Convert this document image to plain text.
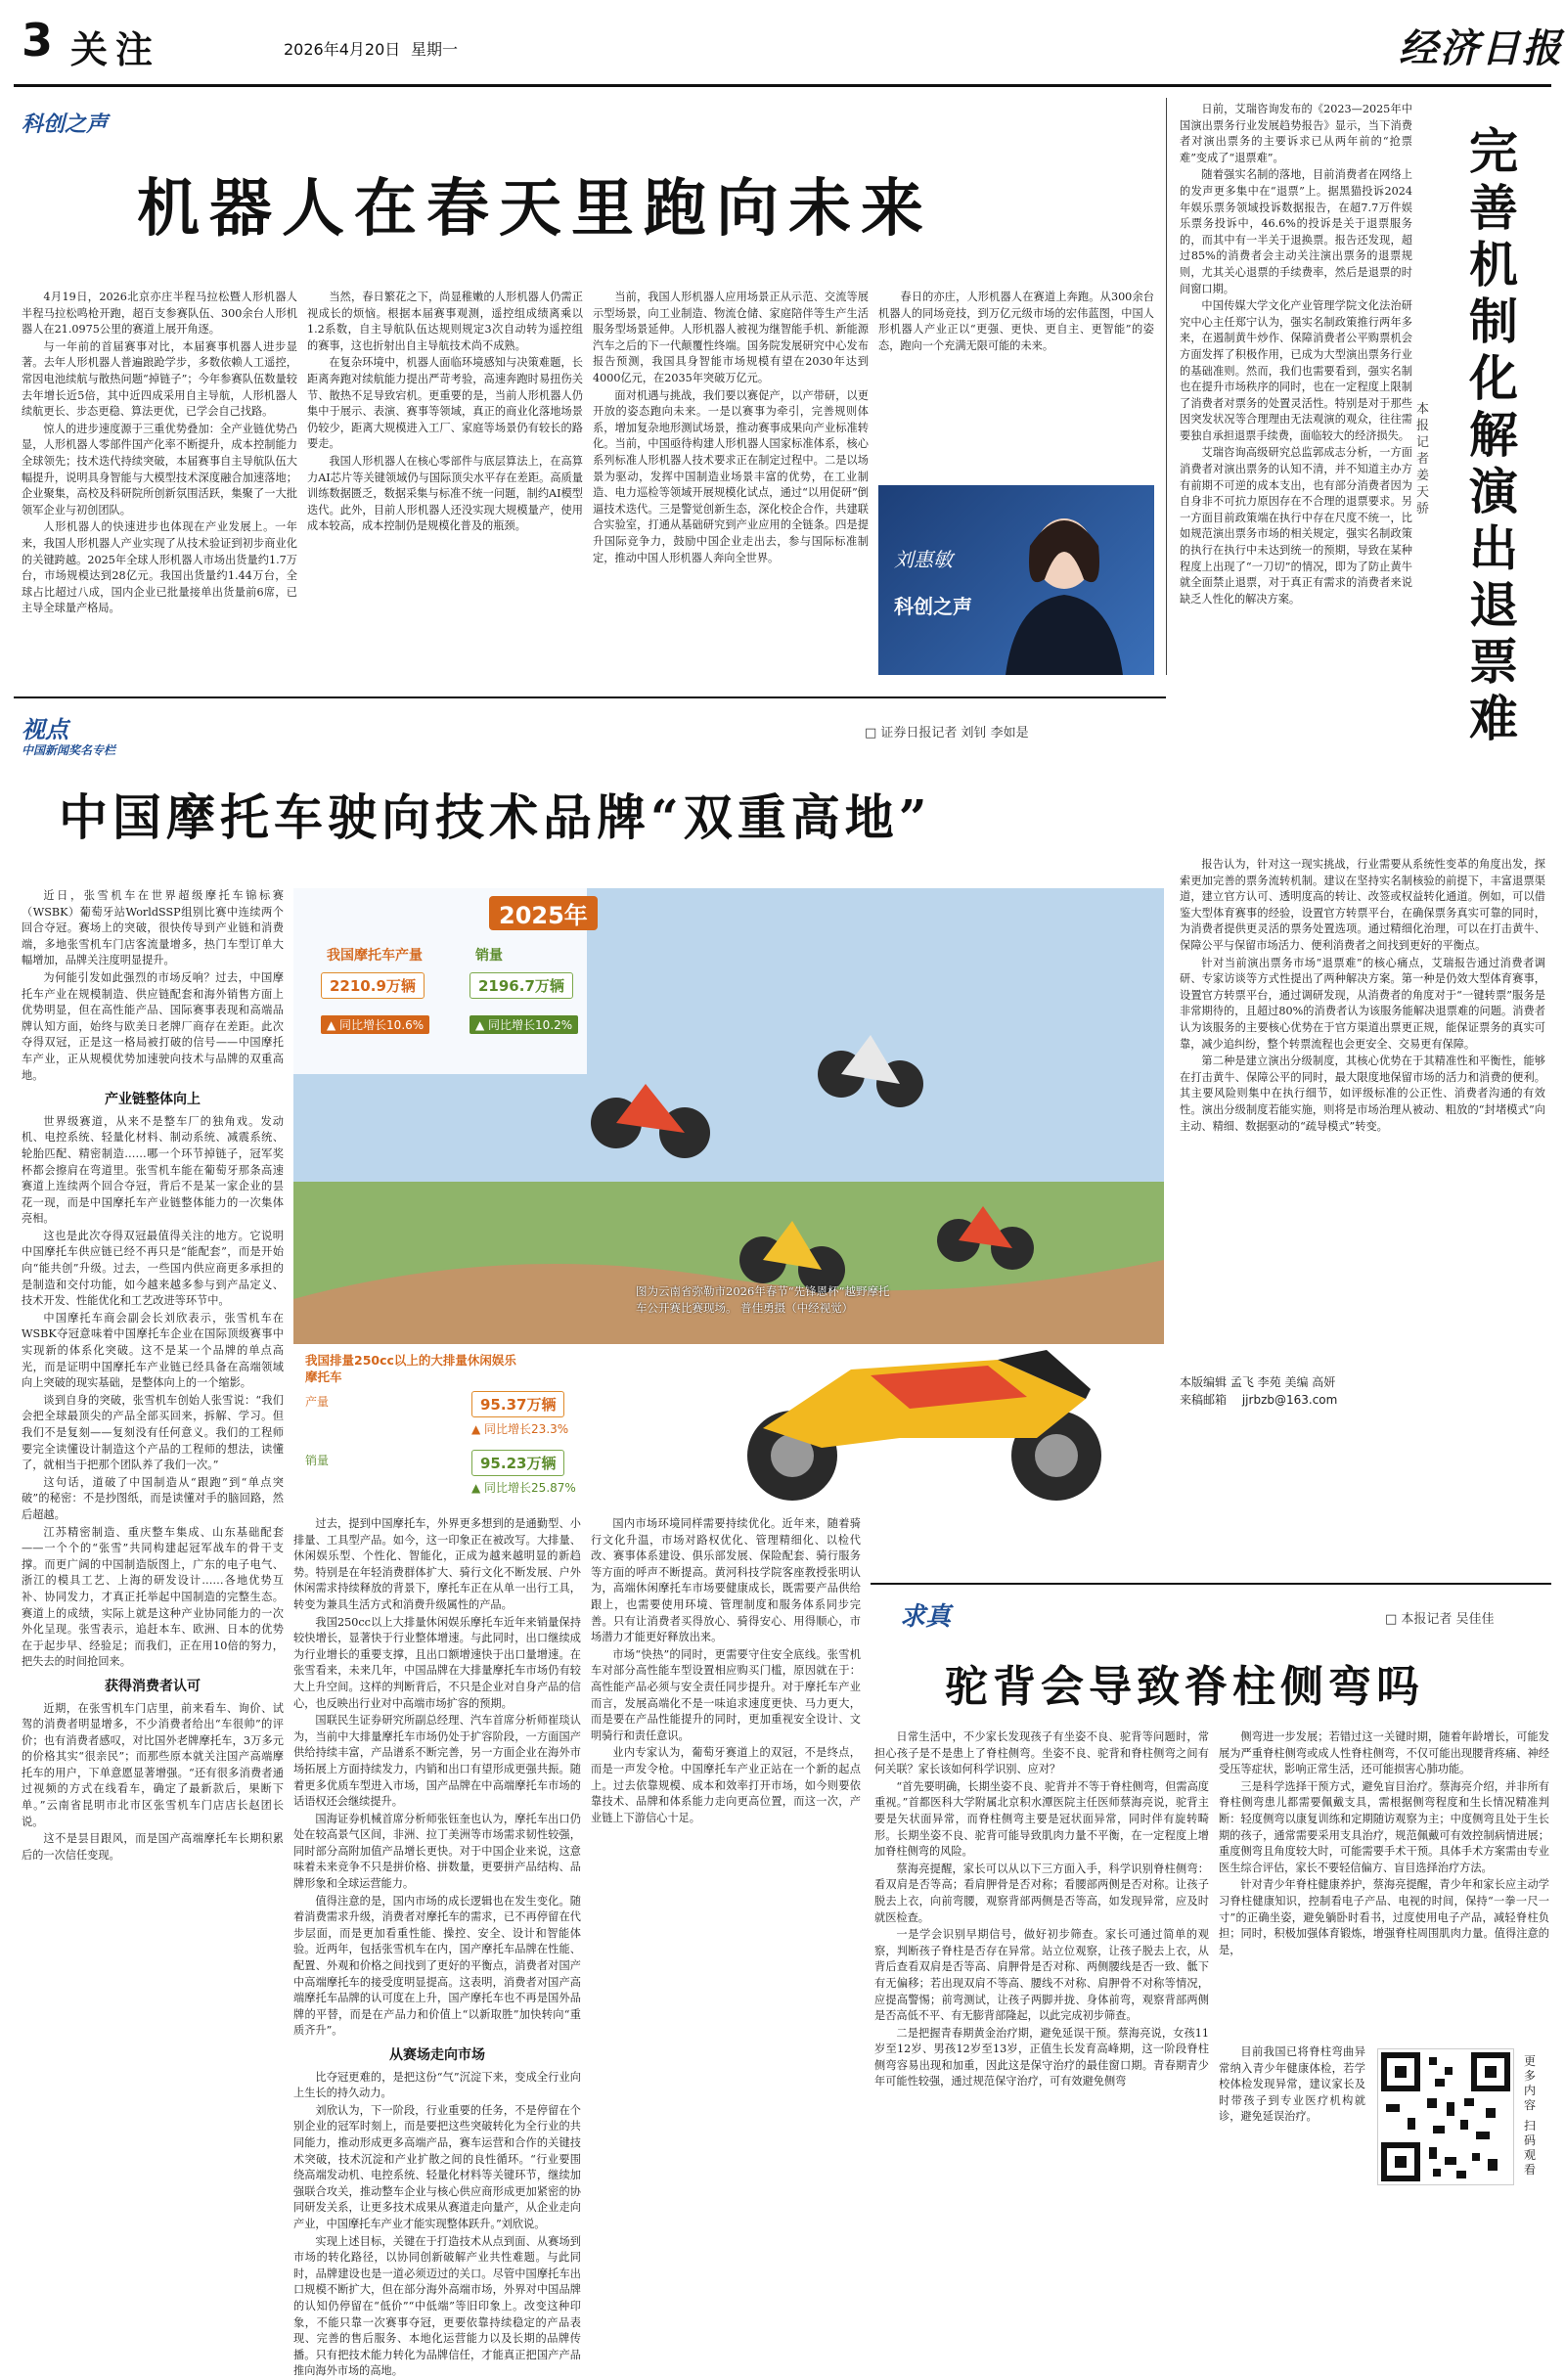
3 关注	2026年4月20日 星期一	经济日报
科创之声
机器人在春天里跑向未来

4月19日，2026北京亦庄半程马拉松暨人形机器人半程马拉松鸣枪开跑，超百支参赛队伍、300余台人形机器人在21.0975公里的赛道上展开角逐。

与一年前的首届赛事对比，本届赛事机器人进步显著。去年人形机器人普遍踉跄学步，多数依赖人工遥控，常因电池续航与散热问题“掉链子”；今年参赛队伍数量较去年增长近5倍，其中近四成采用自主导航，人形机器人续航更长、步态更稳、算法更优，已学会自己找路。

惊人的进步速度源于三重优势叠加：全产业链优势凸显，人形机器人零部件国产化率不断提升，成本控制能力全球领先；技术迭代持续突破，本届赛事自主导航队伍大幅提升，说明具身智能与大模型技术深度融合加速落地；企业聚集，高校及科研院所创新氛围活跃，集聚了一大批领军企业与初创团队。

人形机器人的快速进步也体现在产业发展上。一年来，我国人形机器人产业实现了从技术验证到初步商业化的关键跨越。2025年全球人形机器人市场出货量约1.7万台，市场规模达到28亿元。我国出货量约1.44万台，全球占比超过八成，国内企业已批量接单出货量前6席，已主导全球量产格局。

当然，春日繁花之下，尚显稚嫩的人形机器人仍需正视成长的烦恼。根据本届赛事观测，遥控组成绩离乘以1.2系数，自主导航队伍达规则规定3次自动转为遥控组的赛事，这也折射出自主导航技术尚不成熟。

在复杂环境中，机器人面临环境感知与决策难题，长距离奔跑对续航能力提出严苛考验，高速奔跑时易扭伤关节、散热不足导致宕机。更重要的是，当前人形机器人仍集中于展示、表演、赛事等领域，真正的商业化落地场景仍较少，距离大规模进入工厂、家庭等场景仍有较长的路要走。

我国人形机器人在核心零部件与底层算法上，在高算力AI芯片等关键领域仍与国际顶尖水平存在差距。高质量训练数据匮乏，数据采集与标准不统一问题，制约AI模型迭代。此外，目前人形机器人还没实现大规模量产，使用成本较高，成本控制仍是规模化普及的瓶颈。

当前，我国人形机器人应用场景正从示范、交流等展示型场景，向工业制造、物流仓储、家庭陪伴等生产生活服务型场景延伸。人形机器人被视为继智能手机、新能源汽车之后的下一代颠覆性终端。国务院发展研究中心发布报告预测，我国具身智能市场规模有望在2030年达到4000亿元，在2035年突破万亿元。

面对机遇与挑战，我们要以赛促产，以产带研，以更开放的姿态跑向未来。一是以赛事为牵引，完善规则体系，增加复杂地形测试场景，推动赛事成果向产业标准转化。当前，中国亟待构建人形机器人国家标准体系，核心系列标准人形机器人技术要求正在制定过程中。二是以场景为驱动，发挥中国制造业场景丰富的优势，在工业制造、电力巡检等领域开展规模化试点，通过“以用促研”倒逼技术迭代。三是警觉创新生态，深化校企合作，共建联合实验室，打通从基础研究到产业应用的全链条。四是提升国际竞争力，鼓励中国企业走出去，参与国际标准制定，推动中国人形机器人奔向全世界。

春日的亦庄，人形机器人在赛道上奔跑。从300余台机器人的同场竞技，到万亿元级市场的宏伟蓝图，中国人形机器人产业正以“更强、更快、更自主、更智能”的姿态，跑向一个充满无限可能的未来。

刘惠敏
科创之声
完善机制化解演出退票难
本报记者 姜天骄

日前，艾瑞咨询发布的《2023—2025年中国演出票务行业发展趋势报告》显示，当下消费者对演出票务的主要诉求已从两年前的“抢票难”变成了“退票难”。

随着强实名制的落地，目前消费者在网络上的发声更多集中在“退票”上。据黑猫投诉2024年娱乐票务领域投诉数据报告，在超7.7万件娱乐票务投诉中，46.6%的投诉是关于退票服务的，而其中有一半关于退换票。报告还发现，超过85%的消费者会主动关注演出票务的退票规则，尤其关心退票的手续费率，然后是退票的时间窗口期。

中国传媒大学文化产业管理学院文化法治研究中心主任郑宁认为，强实名制政策推行两年多来，在遏制黄牛炒作、保障消费者公平购票机会方面发挥了积极作用，已成为大型演出票务行业的基础准则。然而，我们也需要看到，强实名制也在提升市场秩序的同时，也在一定程度上限制了消费者对票务的处置灵活性。特别是对于那些因突发状况等合理理由无法观演的观众，往往需要独自承担退票手续费，面临较大的经济损失。

艾瑞咨询高级研究总监郭成志分析，一方面消费者对演出票务的认知不清，并不知道主办方有前期不可逆的成本支出，也有部分消费者因为自身非不可抗力原因存在不合理的退票要求。另一方面目前政策端在执行中存在尺度不统一，比如规范演出票务市场的相关规定，强实名制政策的执行在执行中未达到统一的预期，导致在某种程度上出现了“一刀切”的情况，即为了防止黄牛就全面禁止退票，对于真正有需求的消费者来说缺乏人性化的解决方案。

报告认为，针对这一现实挑战，行业需要从系统性变革的角度出发，探索更加完善的票务流转机制。建议在坚持实名制核验的前提下，丰富退票渠道，建立官方认可、透明度高的转让、改签或权益转化通道。例如，可以借鉴大型体育赛事的经验，设置官方转票平台，在确保票务真实可靠的同时，为消费者提供更灵活的票务处置选项。通过精细化治理，可以在打击黄牛、保障公平与保留市场活力、便利消费者之间找到更好的平衡点。

针对当前演出票务市场“退票难”的核心痛点，艾瑞报告通过消费者调研、专家访谈等方式性提出了两种解决方案。第一种是仍效大型体育赛事，设置官方转票平台，通过调研发现，从消费者的角度对于“一键转票”服务是非常期待的，且超过80%的消费者认为该服务能解决退票难的问题。消费者认为该服务的主要核心优势在于官方渠道出票更正规，能保证票务的真实可靠，减少追纠纷，整个转票流程也会更安全、交易更有保障。

第二种是建立演出分级制度，其核心优势在于其精准性和平衡性，能够在打击黄牛、保障公平的同时，最大限度地保留市场的活力和消费的便利。其主要风险则集中在执行细节，如评级标准的公正性、消费者沟通的有效性。演出分级制度若能实施，则将是市场治理从被动、粗放的“封堵模式”向主动、精细、数据驱动的“疏导模式”转变。

本版编辑 孟飞 李苑 美编 高妍
来稿邮箱 jjrbzb@163.com
视点
中国新闻奖名专栏
□ 证券日报记者 刘钊 李如是
中国摩托车驶向技术品牌“双重高地”

近日，张雪机车在世界超级摩托车锦标赛（WSBK）葡萄牙站WorldSSP组别比赛中连续两个回合夺冠。赛场上的突破，很快传导到产业链和消费端，多地张雪机车门店客流量增多，热门车型订单大幅增加，品牌关注度明显提升。

为何能引发如此强烈的市场反响？过去，中国摩托车产业在规模制造、供应链配套和海外销售方面上优势明显，但在高性能产品、国际赛事表现和高端品牌认知方面，始终与欧美日老牌厂商存在差距。此次夺得双冠，正是这一格局被打破的信号——中国摩托车产业，正从规模优势加速驶向技术与品牌的双重高地。

产业链整体向上

世界级赛道，从来不是整车厂的独角戏。发动机、电控系统、轻量化材料、制动系统、减震系统、轮胎匹配、精密制造……哪一个环节掉链子，冠军奖杯都会擦肩在弯道里。张雪机车能在葡萄牙那条高速赛道上连续两个回合夺冠，背后不是某一家企业的昙花一现，而是中国摩托车产业链整体能力的一次集体亮相。

这也是此次夺得双冠最值得关注的地方。它说明中国摩托车供应链已经不再只是“能配套”，而是开始向“能共创”升级。过去，一些国内供应商更多承担的是制造和交付功能，如今越来越多参与到产品定义、技术开发、性能优化和工艺改进等环节中。

中国摩托车商会副会长刘欣表示，张雪机车在WSBK夺冠意味着中国摩托车企业在国际顶级赛事中实现新的体系化突破。这不是某一个品牌的单点高光，而是证明中国摩托车产业链已经具备在高端领域向上突破的现实基础，是整体向上的一个缩影。

谈到自身的突破，张雪机车创始人张雪说：“我们会把全球最顶尖的产品全部买回来，拆解、学习。但我们不是复刻——复刻没有任何意义。我们的工程师要完全读懂设计制造这个产品的工程师的想法，读懂了，就相当于把那个团队养了我们一次。”

这句话，道破了中国制造从“跟跑”到“单点突破”的秘密：不是抄图纸，而是读懂对手的脑回路，然后超越。

江苏精密制造、重庆整车集成、山东基础配套——一个个的“张雪”共同构建起冠军战车的骨干支撑。而更广阔的中国制造版图上，广东的电子电气、浙江的模具工艺、上海的研发设计……各地优势互补、协同发力，才真正托举起中国制造的完整生态。赛道上的成绩，实际上就是这种产业协同能力的一次外化呈现。张雪表示，追赶本车、欧洲、日本的优势在于起步早、经验足；而我们，正在用10倍的努力，把失去的时间抢回来。

获得消费者认可

近期，在张雪机车门店里，前来看车、询价、试驾的消费者明显增多，不少消费者给出“车很帅”的评价；也有消费者感叹，对比国外老牌摩托车，3万多元的价格其实“很亲民”；而那些原本就关注国产高端摩托车的用户，下单意愿显著增强。“还有很多消费者通过视频的方式在线看车，确定了最新款后，果断下单。”云南省昆明市北市区张雪机车门店店长赵团长说。

这不是昙目跟风，而是国产高端摩托车长期积累后的一次信任变现。

2025年
我国摩托车产量	销量
2210.9万辆	2196.7万辆
▲ 同比增长10.6%	▲ 同比增长10.2%
图为云南省弥勒市2026年春节“先锋恩杯”越野摩托车公开赛比赛现场。 普佳勇摄（中经视觉）
我国排量250cc以上的大排量休闲娱乐摩托车
产量	95.37万辆
▲ 同比增长23.3%
销量	95.23万辆
▲ 同比增长25.87%

过去，提到中国摩托车，外界更多想到的是通勤型、小排量、工具型产品。如今，这一印象正在被改写。大排量、休闲娱乐型、个性化、智能化，正成为越来越明显的新趋势。特别是在年轻消费群体扩大、骑行文化不断发展、户外休闲需求持续释放的背景下，摩托车正在从单一出行工具，转变为兼具生活方式和消费升级属性的产品。

我国250cc以上大排量休闲娱乐摩托车近年来销量保持较快增长，显著快于行业整体增速。与此同时，出口继续成为行业增长的重要支撑，且出口额增速快于出口量增速。在张雪看来，未来几年，中国品牌在大排量摩托车市场仍有较大上升空间。这样的判断背后，不只是企业对自身产品的信心，也反映出行业对中高端市场扩容的预期。

国联民生证券研究所副总经理、汽车首席分析师崔琰认为，当前中大排量摩托车市场仍处于扩容阶段，一方面国产供给持续丰富，产品谱系不断完善，另一方面企业在海外市场拓展上方面持续发力，内销和出口有望形成更强共振。随着更多优质车型进入市场，国产品牌在中高端摩托车市场的话语权还会继续提升。

国海证券机械首席分析师张钰奎也认为，摩托车出口仍处在较高景气区间，非洲、拉丁美洲等市场需求韧性较强，同时部分高附加值产品增长更快。对于中国企业来说，这意味着未来竞争不只是拼价格、拼数量，更要拼产品结构、品牌形象和全球运营能力。

值得注意的是，国内市场的成长逻辑也在发生变化。随着消费需求升级，消费者对摩托车的需求，已不再停留在代步层面，而是更加看重性能、操控、安全、设计和智能体验。近两年，包括张雪机车在内，国产摩托车品牌在性能、配置、外观和价格之间找到了更好的平衡点，消费者对国产中高端摩托车的接受度明显提高。这表明，消费者对国产高端摩托车品牌的认可度在上升，国产摩托车也不再是国外品牌的平替，而是在产品力和价值上“以新取胜”加快转向“重质齐升”。

从赛场走向市场

比夺冠更难的，是把这份“气”沉淀下来，变成全行业向上生长的持久动力。

刘欣认为，下一阶段，行业重要的任务，不是停留在个别企业的冠军时刻上，而是要把这些突破转化为全行业的共同能力，推动形成更多高端产品，赛车运营和合作的关键技术突破，技术沉淀和产业扩散之间的良性循环。“行业要围绕高端发动机、电控系统、轻量化材料等关键环节，继续加强联合攻关，推动整车企业与核心供应商形成更加紧密的协同研发关系，让更多技术成果从赛道走向量产，从企业走向产业，中国摩托车产业才能实现整体跃升。”刘欣说。

实现上述目标，关键在于打造技术从点到面、从赛场到市场的转化路径，以协同创新破解产业共性难题。与此同时，品牌建设也是一道必须迈过的关口。尽管中国摩托车出口规模不断扩大，但在部分海外高端市场，外界对中国品牌的认知仍停留在“低价”“中低端”等旧印象上。改变这种印象，不能只靠一次赛事夺冠，更要依靠持续稳定的产品表现、完善的售后服务、本地化运营能力以及长期的品牌传播。只有把技术能力转化为品牌信任，才能真正把国产产品推向海外市场的高地。

国内市场环境同样需要持续优化。近年来，随着骑行文化升温，市场对路权优化、管理精细化、以检代改、赛事体系建设、俱乐部发展、保险配套、骑行服务等方面的呼声不断提高。黄河科技学院客座教授张明认为，高端休闲摩托车市场要健康成长，既需要产品供给跟上，也需要使用环境、管理制度和服务体系同步完善。只有让消费者买得放心、骑得安心、用得顺心，市场潜力才能更好释放出来。

市场“快热”的同时，更需要守住安全底线。张雪机车对部分高性能车型设置相应购买门槛，原因就在于：高性能产品必须与安全责任同步提升。对于摩托车产业而言，发展高端化不是一味追求速度更快、马力更大，而是要在产品性能提升的同时，更加重视安全设计、文明骑行和责任意识。

业内专家认为，葡萄牙赛道上的双冠，不是终点，而是一声发令枪。中国摩托车产业正站在一个新的起点上。过去依靠规模、成本和效率打开市场，如今则要依靠技术、品牌和体系能力走向更高位置，而这一次，产业链上下游信心十足。

求真	□ 本报记者 吴佳佳
驼背会导致脊柱侧弯吗

日常生活中，不少家长发现孩子有坐姿不良、驼背等问题时，常担心孩子是不是患上了脊柱侧弯。坐姿不良、驼背和脊柱侧弯之间有何关联？家长该如何科学识别、应对？

“首先要明确，长期坐姿不良、驼背并不等于脊柱侧弯，但需高度重视。”首都医科大学附属北京积水潭医院主任医师蔡海亮说，驼背主要是矢状面异常，而脊柱侧弯主要是冠状面异常，同时伴有旋转畸形。长期坐姿不良、驼背可能导致肌肉力量不平衡，在一定程度上增加脊柱侧弯的风险。

蔡海亮提醒，家长可以从以下三方面入手，科学识别脊柱侧弯：看双肩是否等高；看肩胛骨是否对称；看腰部两侧是否对称。让孩子脱去上衣，向前弯腰，观察背部两侧是否等高，如发现异常，应及时就医检查。

一是学会识别早期信号，做好初步筛查。家长可通过简单的观察，判断孩子脊柱是否存在异常。站立位观察，让孩子脱去上衣，从背后查看双肩是否等高、肩胛骨是否对称、两侧腰线是否一致、骶下有无偏移；若出现双肩不等高、腰线不对称、肩胛骨不对称等情况，应提高警惕；前弯测试，让孩子两脚并拢、身体前弯，观察背部两侧是否高低不平、有无膨背部隆起，以此完成初步筛查。

二是把握青春期黄金治疗期，避免延误干预。蔡海亮说，女孩11岁至12岁、男孩12岁至13岁，正值生长发育高峰期，这一阶段脊柱侧弯容易出现和加重，因此这是保守治疗的最佳窗口期。青春期青少年可能性较强，通过规范保守治疗，可有效避免侧弯

侧弯进一步发展；若错过这一关键时期，随着年龄增长，可能发展为严重脊柱侧弯或成人性脊柱侧弯，不仅可能出现腰背疼痛、神经受压等症状，影响正常生活，还可能损害心肺功能。

三是科学选择干预方式，避免盲目治疗。蔡海亮介绍，并非所有脊柱侧弯患儿都需要佩戴支具，需根据侧弯程度和生长情况精准判断：轻度侧弯以康复训练和定期随访观察为主；中度侧弯且处于生长期的孩子，通常需要采用支具治疗，规范佩戴可有效控制病情进展；重度侧弯且角度较大时，可能需要手术干预。具体手术方案需由专业医生综合评估，家长不要轻信偏方、盲目选择治疗方法。

针对青少年脊柱健康养护，蔡海亮提醒，青少年和家长应主动学习脊柱健康知识，控制看电子产品、电视的时间，保持“一拳一尺一寸”的正确坐姿，避免躺卧时看书，过度使用电子产品，减轻脊柱负担；同时，积极加强体育锻炼，增强脊柱周围肌肉力量。值得注意的是，

目前我国已将脊柱弯曲异常纳入青少年健康体检，若学校体检发现异常，建议家长及时带孩子到专业医疗机构就诊，避免延误治疗。

更多内容
扫码观看
